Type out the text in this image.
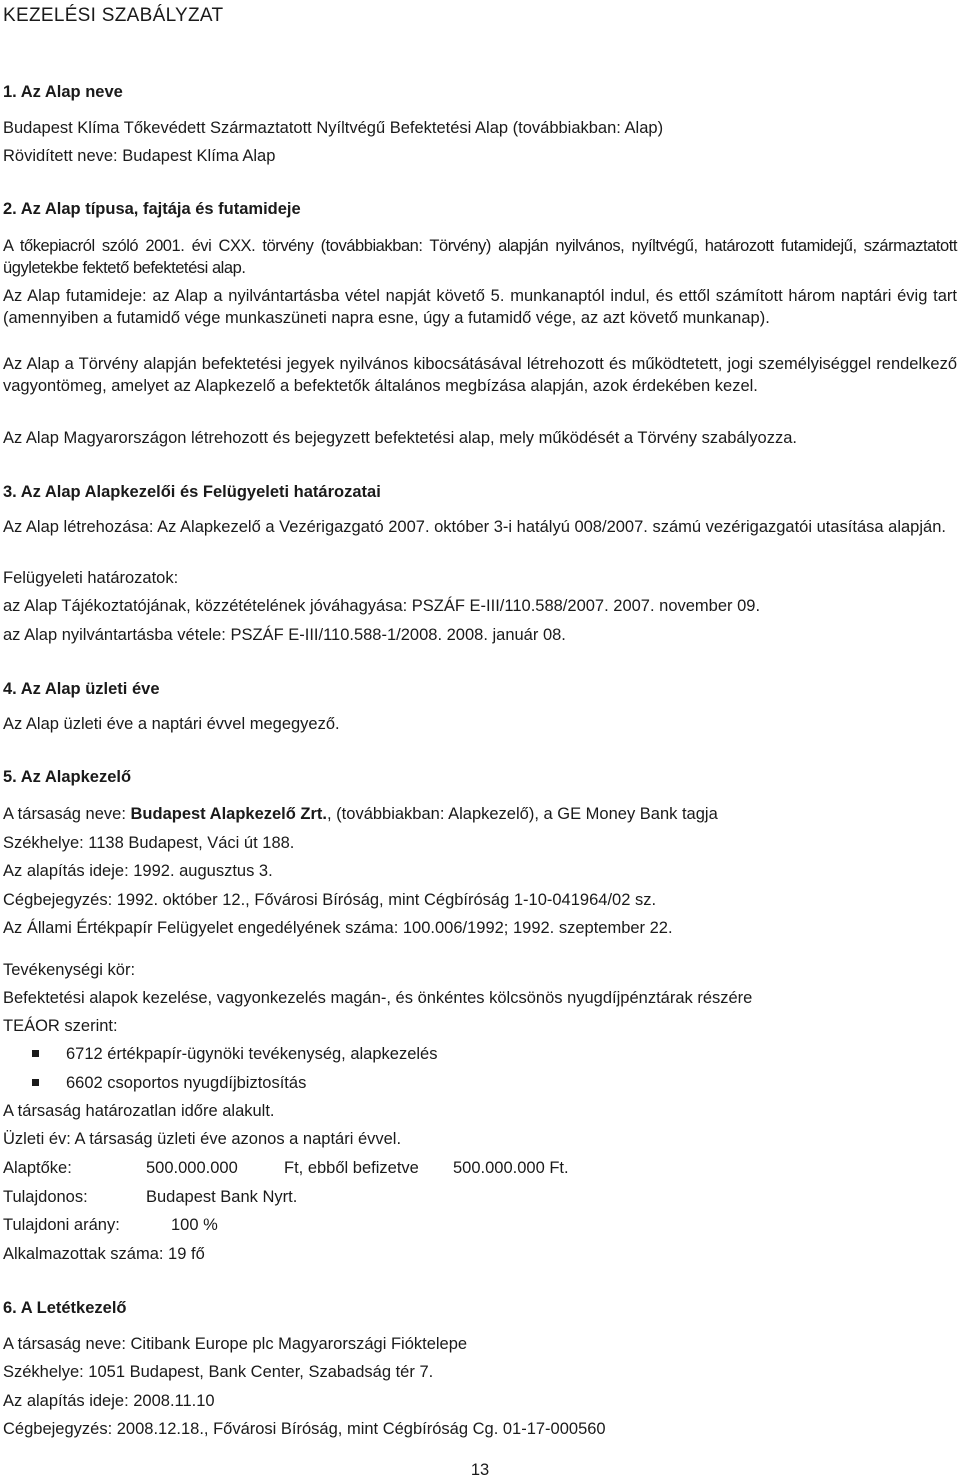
KEZELÉSI SZABÁLYZAT
1. Az Alap neve
Budapest Klíma Tőkevédett Származtatott Nyíltvégű Befektetési Alap (továbbiakban: Alap)
Rövidített neve: Budapest Klíma Alap
2. Az Alap típusa, fajtája és futamideje
A tőkepiacról szóló 2001. évi CXX. törvény (továbbiakban: Törvény) alapján nyilvános, nyíltvégű, határozott futamidejű, származtatott ügyletekbe fektető befektetési alap.
Az Alap futamideje: az Alap a nyilvántartásba vétel napját követő 5. munkanaptól indul, és ettől számított három naptári évig tart (amennyiben a futamidő vége munkaszüneti napra esne, úgy a futamidő vége, az azt követő munkanap).
Az Alap a Törvény alapján befektetési jegyek nyilvános kibocsátásával létrehozott és működtetett, jogi személyiséggel rendelkező vagyontömeg, amelyet az Alapkezelő a befektetők általános megbízása alapján, azok érdekében kezel.
Az Alap Magyarországon létrehozott és bejegyzett befektetési alap, mely működését a Törvény szabályozza.
3. Az Alap Alapkezelői és Felügyeleti határozatai
Az Alap létrehozása: Az Alapkezelő a Vezérigazgató 2007. október 3-i hatályú 008/2007. számú vezérigazgatói utasítása alapján.
Felügyeleti határozatok:
az Alap Tájékoztatójának, közzétételének jóváhagyása: PSZÁF E-III/110.588/2007. 2007. november 09.
az Alap nyilvántartásba vétele: PSZÁF E-III/110.588-1/2008. 2008. január 08.
4. Az Alap üzleti éve
Az Alap üzleti éve a naptári évvel megegyező.
5. Az Alapkezelő
A társaság neve: Budapest Alapkezelő Zrt., (továbbiakban: Alapkezelő), a GE Money Bank tagja
Székhelye: 1138 Budapest, Váci út 188.
Az alapítás ideje: 1992. augusztus 3.
Cégbejegyzés: 1992. október 12., Fővárosi Bíróság, mint Cégbíróság 1-10-041964/02 sz.
Az Állami Értékpapír Felügyelet engedélyének száma: 100.006/1992; 1992. szeptember 22.
Tevékenységi kör:
Befektetési alapok kezelése, vagyonkezelés magán-, és önkéntes kölcsönös nyugdíjpénztárak részére
TEÁOR szerint:
6712 értékpapír-ügynöki tevékenység, alapkezelés
6602 csoportos nyugdíjbiztosítás
A társaság határozatlan időre alakult.
Üzleti év: A társaság üzleti éve azonos a naptári évvel.
Alaptőke:	500.000.000	Ft, ebből befizetve 500.000.000 Ft.
Tulajdonos:	Budapest Bank Nyrt.
Tulajdoni arány:	100 %
Alkalmazottak száma: 19 fő
6. A Letétkezelő
A társaság neve: Citibank Europe plc Magyarországi Fióktelepe
Székhelye: 1051 Budapest, Bank Center, Szabadság tér 7.
Az alapítás ideje: 2008.11.10
Cégbejegyzés: 2008.12.18., Fővárosi Bíróság, mint Cégbíróság Cg. 01-17-000560
13
